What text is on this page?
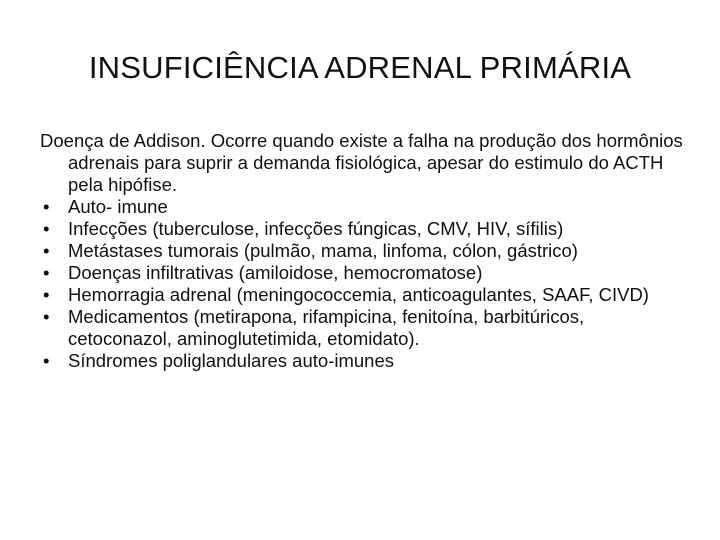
INSUFICIÊNCIA ADRENAL PRIMÁRIA

Doença de Addison. Ocorre quando existe a falha na produção dos hormônios adrenais para suprir a demanda fisiológica, apesar do estimulo do ACTH pela hipófise.

•	Auto- imune
•	Infecções (tuberculose, infecções fúngicas, CMV, HIV, sífilis)
•	Metástases tumorais (pulmão, mama, linfoma, cólon, gástrico)
•	Doenças infiltrativas (amiloidose, hemocromatose)
•	Hemorragia adrenal (meningococcemia, anticoagulantes, SAAF, CIVD)
•	Medicamentos (metirapona, rifampicina, fenitoína, barbitúricos, cetoconazol, aminoglutetimida, etomidato).
•	Síndromes poliglandulares auto-imunes
